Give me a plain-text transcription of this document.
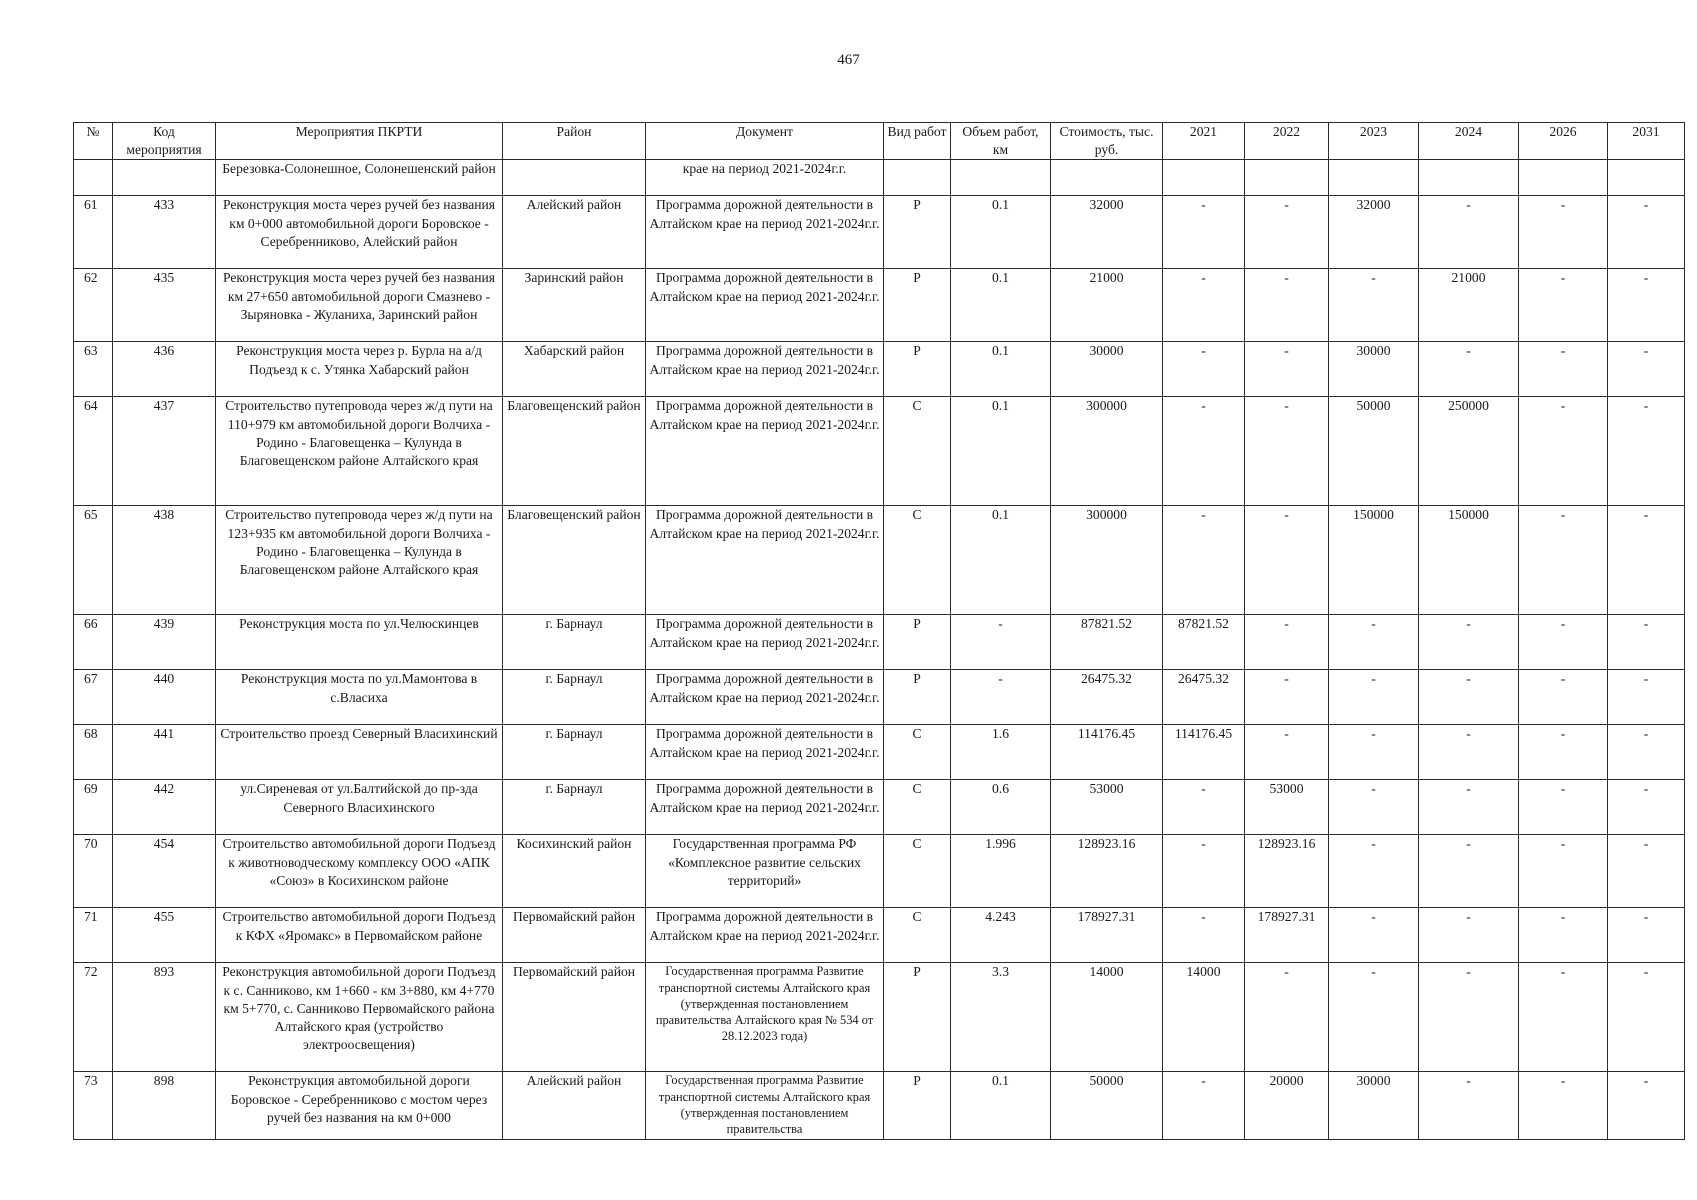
467
№	Код мероприятия	Мероприятия ПКРТИ	Район	Документ	Вид работ	Объем работ, км	Стоимость, тыс. руб.	2021	2022	2023	2024	2026	2031
		Березовка-Солонешное, Солонешенский район		крае на период 2021-2024г.г.									
61	433	Реконструкция моста через ручей без названия км 0+000 автомобильной дороги Боровское - Серебренниково, Алейский район	Алейский район	Программа дорожной деятельности в Алтайском крае на период 2021-2024г.г.	Р	0.1	32000	-	-	32000	-	-	-
62	435	Реконструкция моста через ручей без названия км 27+650 автомобильной дороги Смазнево - Зыряновка - Жуланиха, Заринский район	Заринский район	Программа дорожной деятельности в Алтайском крае на период 2021-2024г.г.	Р	0.1	21000	-	-	-	21000	-	-
63	436	Реконструкция моста через р. Бурла на а/д Подъезд к с. Утянка Хабарский район	Хабарский район	Программа дорожной деятельности в Алтайском крае на период 2021-2024г.г.	Р	0.1	30000	-	-	30000	-	-	-
64	437	Строительство путепровода через ж/д пути на 110+979 км автомобильной дороги Волчиха - Родино - Благовещенка – Кулунда в Благовещенском районе Алтайского края	Благовещенский район	Программа дорожной деятельности в Алтайском крае на период 2021-2024г.г.	С	0.1	300000	-	-	50000	250000	-	-
65	438	Строительство путепровода через ж/д пути на 123+935 км автомобильной дороги Волчиха - Родино - Благовещенка – Кулунда в Благовещенском районе Алтайского края	Благовещенский район	Программа дорожной деятельности в Алтайском крае на период 2021-2024г.г.	С	0.1	300000	-	-	150000	150000	-	-
66	439	Реконструкция моста по ул.Челюскинцев	г. Барнаул	Программа дорожной деятельности в Алтайском крае на период 2021-2024г.г.	Р	-	87821.52	87821.52	-	-	-	-	-
67	440	Реконструкция моста по ул.Мамонтова в с.Власиха	г. Барнаул	Программа дорожной деятельности в Алтайском крае на период 2021-2024г.г.	Р	-	26475.32	26475.32	-	-	-	-	-
68	441	Строительство проезд Северный Власихинский	г. Барнаул	Программа дорожной деятельности в Алтайском крае на период 2021-2024г.г.	С	1.6	114176.45	114176.45	-	-	-	-	-
69	442	ул.Сиреневая от ул.Балтийской до пр-зда Северного Власихинского	г. Барнаул	Программа дорожной деятельности в Алтайском крае на период 2021-2024г.г.	С	0.6	53000	-	53000	-	-	-	-
70	454	Строительство автомобильной дороги Подъезд к животноводческому комплексу ООО «АПК «Союз» в Косихинском районе	Косихинский район	Государственная программа РФ «Комплексное развитие сельских территорий»	С	1.996	128923.16	-	128923.16	-	-	-	-
71	455	Строительство автомобильной дороги Подъезд к КФХ «Яромакс» в Первомайском районе	Первомайский район	Программа дорожной деятельности в Алтайском крае на период 2021-2024г.г.	С	4.243	178927.31	-	178927.31	-	-	-	-
72	893	Реконструкция автомобильной дороги Подъезд к с. Санниково, км 1+660 - км 3+880, км 4+770 км 5+770, с. Санниково Первомайского района Алтайского края (устройство электроосвещения)	Первомайский район	Государственная программа Развитие транспортной системы Алтайского края (утвержденная постановлением правительства Алтайского края № 534 от 28.12.2023 года)	Р	3.3	14000	14000	-	-	-	-	-
73	898	Реконструкция автомобильной дороги Боровское - Серебренниково с мостом через ручей без названия на км 0+000	Алейский район	Государственная программа Развитие транспортной системы Алтайского края (утвержденная постановлением правительства	Р	0.1	50000	-	20000	30000	-	-	-
